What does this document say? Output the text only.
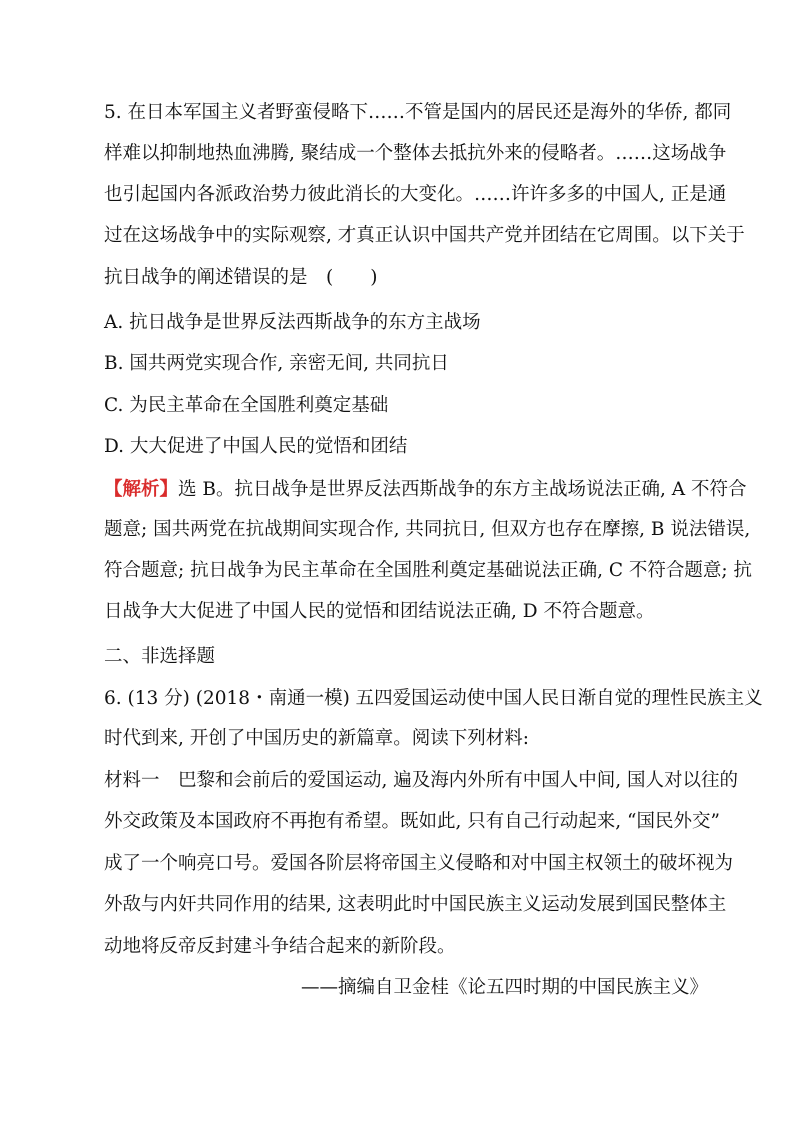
5. 在日本军国主义者野蛮侵略下……不管是国内的居民还是海外的华侨, 都同
样难以抑制地热血沸腾, 聚结成一个整体去抵抗外来的侵略者。……这场战争
也引起国内各派政治势力彼此消长的大变化。……许许多多的中国人, 正是通
过在这场战争中的实际观察, 才真正认识中国共产党并团结在它周围。以下关于
抗日战争的阐述错误的是　(　　)
A. 抗日战争是世界反法西斯战争的东方主战场
B. 国共两党实现合作, 亲密无间, 共同抗日
C. 为民主革命在全国胜利奠定基础
D. 大大促进了中国人民的觉悟和团结
【解析】选 B。抗日战争是世界反法西斯战争的东方主战场说法正确, A 不符合
题意; 国共两党在抗战期间实现合作, 共同抗日, 但双方也存在摩擦, B 说法错误,
符合题意; 抗日战争为民主革命在全国胜利奠定基础说法正确, C 不符合题意; 抗
日战争大大促进了中国人民的觉悟和团结说法正确, D 不符合题意。
二、非选择题
6. (13 分) (2018・南通一模) 五四爱国运动使中国人民日渐自觉的理性民族主义
时代到来, 开创了中国历史的新篇章。阅读下列材料:
材料一　巴黎和会前后的爱国运动, 遍及海内外所有中国人中间, 国人对以往的
外交政策及本国政府不再抱有希望。既如此, 只有自己行动起来, “国民外交”
成了一个响亮口号。爱国各阶层将帝国主义侵略和对中国主权领土的破坏视为
外敌与内奸共同作用的结果, 这表明此时中国民族主义运动发展到国民整体主
动地将反帝反封建斗争结合起来的新阶段。
——摘编自卫金桂《论五四时期的中国民族主义》
